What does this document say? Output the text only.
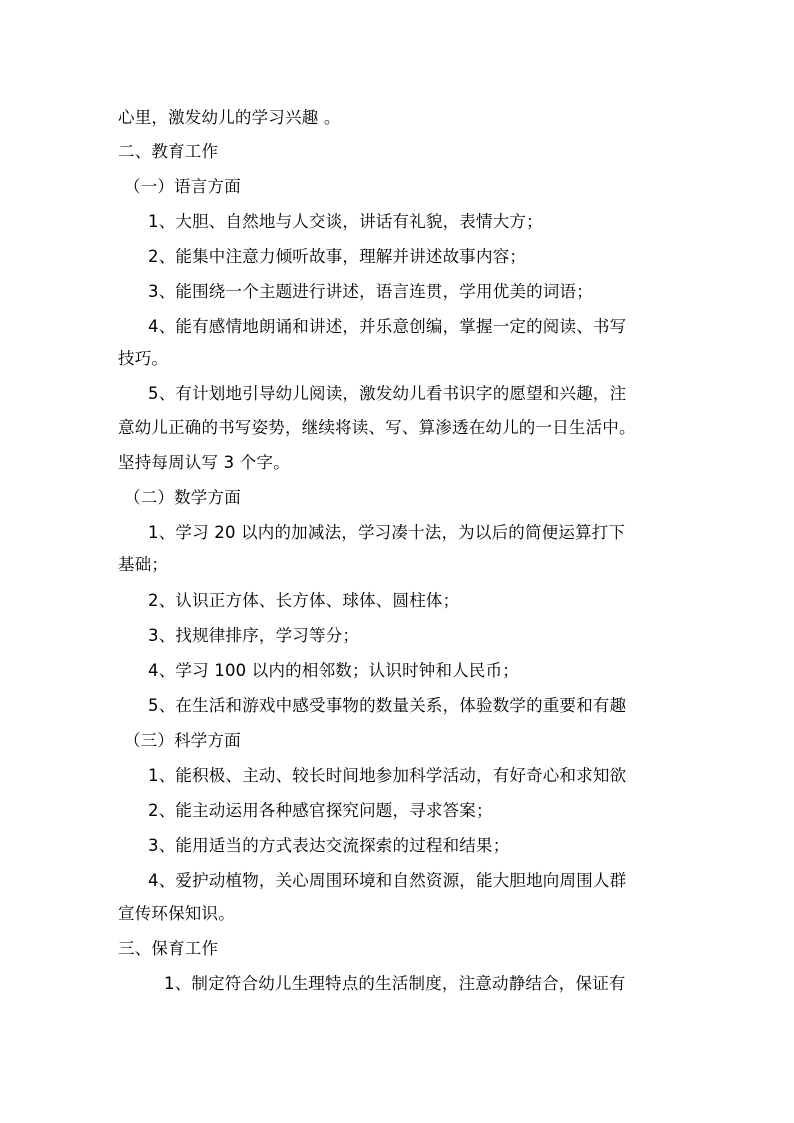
心里，激发幼儿的学习兴趣 。
二、教育工作
（一）语言方面
1、大胆、自然地与人交谈，讲话有礼貌，表情大方；
2、能集中注意力倾听故事，理解并讲述故事内容；
3、能围绕一个主题进行讲述，语言连贯，学用优美的词语；
4、能有感情地朗诵和讲述，并乐意创编，掌握一定的阅读、书写
技巧。
5、有计划地引导幼儿阅读，激发幼儿看书识字的愿望和兴趣，注
意幼儿正确的书写姿势，继续将读、写、算渗透在幼儿的一日生活中。
坚持每周认写 3 个字。
（二）数学方面
1、学习 20 以内的加减法，学习凑十法，为以后的简便运算打下
基础；
2、认识正方体、长方体、球体、圆柱体；
3、找规律排序，学习等分；
4、学习 100 以内的相邻数；认识时钟和人民币；
5、在生活和游戏中感受事物的数量关系，体验数学的重要和有趣
（三）科学方面
1、能积极、主动、较长时间地参加科学活动，有好奇心和求知欲
2、能主动运用各种感官探究问题，寻求答案；
3、能用适当的方式表达交流探索的过程和结果；
4、爱护动植物，关心周围环境和自然资源，能大胆地向周围人群
宣传环保知识。
三、保育工作
1、制定符合幼儿生理特点的生活制度，注意动静结合，保证有
